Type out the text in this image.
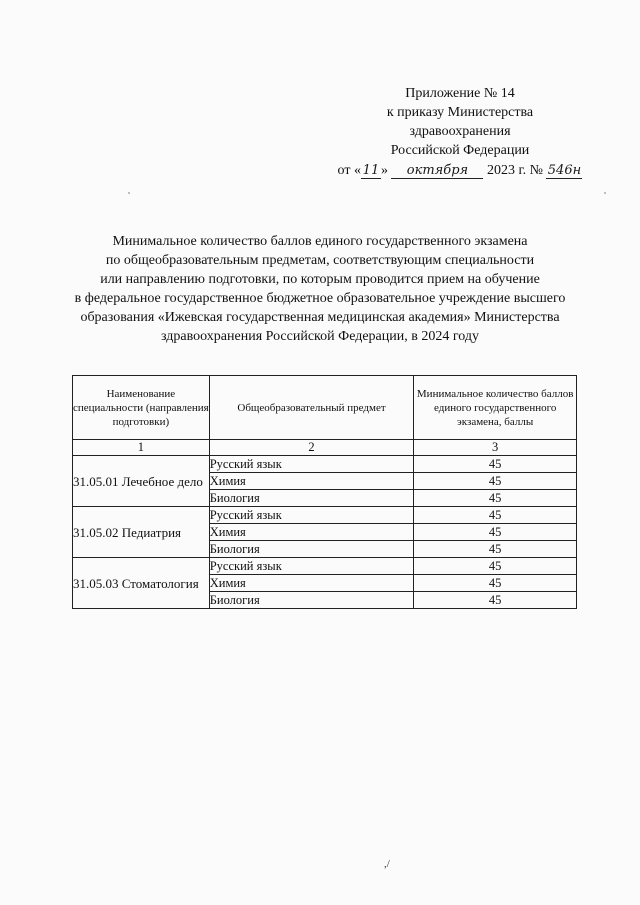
Приложение № 14
к приказу Министерства
здравоохранения
Российской Федерации
от « 11 » октября 2023 г. № 546н
Минимальное количество баллов единого государственного экзамена
по общеобразовательным предметам, соответствующим специальности
или направлению подготовки, по которым проводится прием на обучение
в федеральное государственное бюджетное образовательное учреждение высшего
образования «Ижевская государственная медицинская академия» Министерства
здравоохранения Российской Федерации, в 2024 году
Наименование специальности (направления подготовки)	Общеобразовательный предмет	Минимальное количество баллов единого государственного экзамена, баллы
1	2	3
31.05.01 Лечебное дело	Русский язык	45
	Химия	45
	Биология	45
31.05.02 Педиатрия	Русский язык	45
	Химия	45
	Биология	45
31.05.03 Стоматология	Русский язык	45
	Химия	45
	Биология	45
,/
